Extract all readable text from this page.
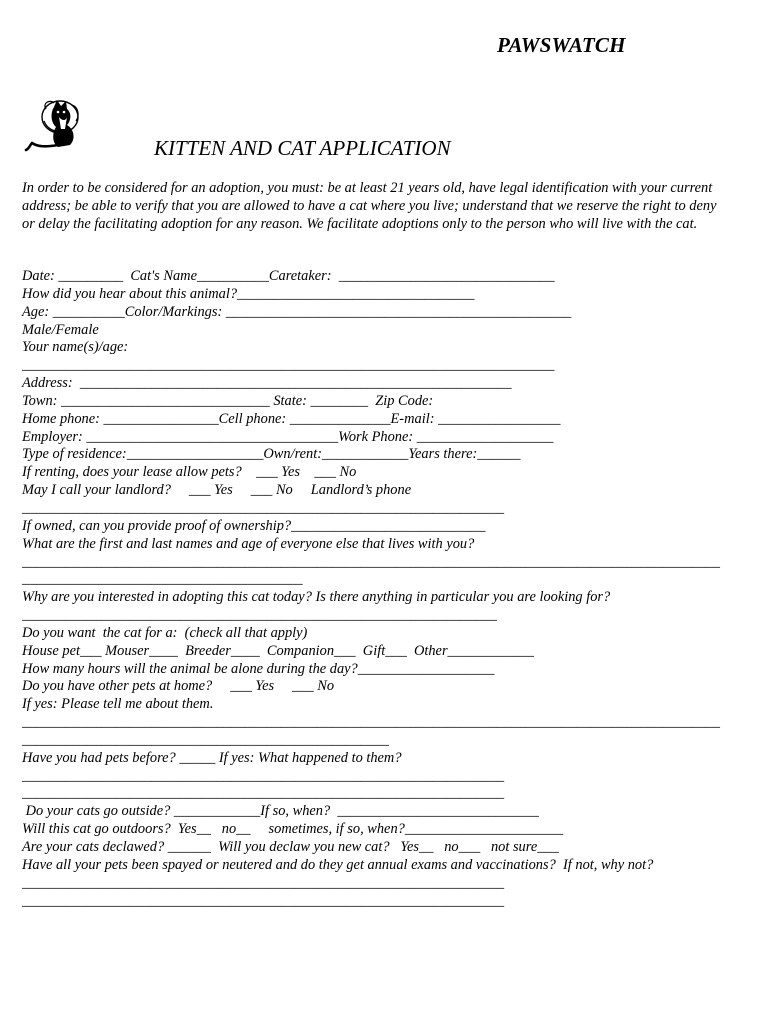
PAWSWATCH
KITTEN AND CAT APPLICATION

In order to be considered for an adoption, you must: be at least 21 years old, have legal identification with your current address; be able to verify that you are allowed to have a cat where you live; understand that we reserve the right to deny or delay the facilitating adoption for any reason. We facilitate adoptions only to the person who will live with the cat.

Date: _________  Cat's Name__________Caretaker:  ______________________________
How did you hear about this animal?_________________________________
Age: __________Color/Markings: ________________________________________________
Male/Female
Your name(s)/age:
__________________________________________________________________________
Address:  ____________________________________________________________
Town: _____________________________ State: ________  Zip Code:
Home phone: ________________Cell phone: ______________E-mail: _________________
Employer: ___________________________________Work Phone: ___________________
Type of residence:___________________Own/rent:____________Years there:______
If renting, does your lease allow pets?    ___ Yes    ___ No
May I call your landlord?     ___ Yes     ___ No     Landlord’s phone
___________________________________________________________________
If owned, can you provide proof of ownership?___________________________
What are the first and last names and age of everyone else that lives with you?
_________________________________________________________________________________________________
_______________________________________
Why are you interested in adopting this cat today? Is there anything in particular you are looking for?
__________________________________________________________________
Do you want  the cat for a:  (check all that apply)
House pet___ Mouser____  Breeder____  Companion___  Gift___  Other____________
How many hours will the animal be alone during the day?___________________
Do you have other pets at home?     ___ Yes     ___ No
If yes: Please tell me about them.
_________________________________________________________________________________________________
___________________________________________________
Have you had pets before? _____ If yes: What happened to them?
___________________________________________________________________
___________________________________________________________________
Do your cats go outside? ____________If so, when?  ____________________________
Will this cat go outdoors?  Yes__   no__     sometimes, if so, when?______________________
Are your cats declawed? ______  Will you declaw you new cat?   Yes__   no___   not sure___
Have all your pets been spayed or neutered and do they get annual exams and vaccinations?  If not, why not?
___________________________________________________________________
___________________________________________________________________
